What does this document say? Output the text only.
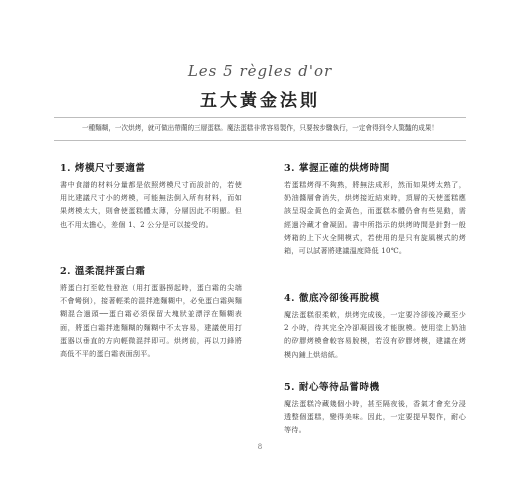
Les 5 règles d'or
五大黃金法則
一種麵糊，一次烘烤，就可做出帶蘭的三層蛋糕。魔法蛋糕非常容易製作，只要按步驟執行，一定會得到令人驚豔的成果！
1. 烤模尺寸要適當
書中食譜的材料分量都是依照烤模尺寸而設計的，若使用比建議尺寸小的烤模，可能無法倒入所有材料，而如果烤模太大，則會使蛋糕體太薄，分層因此不明顯。但也不用太擔心，差個 1、2 公分是可以接受的。
2. 溫柔混拌蛋白霜
將蛋白打至乾性發泡（用打蛋器撈起時，蛋白霜的尖端不會彎倒），接著輕柔的混拌進麵糊中，必免蛋白霜與麵糊混合過頭──蛋白霜必須保留大塊狀並漂浮在麵糊表面，將蛋白霜拌進麵糊的麵糊中不太容易，建議使用打蛋器以垂直的方向輕微混拌即可。烘烤前，再以刀鋒將高低不平的蛋白霜表面刮平。
3. 掌握正確的烘烤時間
若蛋糕烤得不夠熟，將無法成形，然而如果烤太熟了，奶油醬層會消失，烘烤接近結束時，頂層的天使蛋糕應該呈現金黃色的金黃色，而蛋糕本體仍會有些晃動，需經過冷藏才會凝固。書中所指示的烘烤時間是針對一般烤箱的上下火全開模式，若使用的是只有旋風模式的烤箱，可以試著將建議溫度降低 10℃。
4. 徹底冷卻後再脫模
魔法蛋糕很柔軟，烘烤完成後，一定要冷卻後冷藏至少 2 小時，待其完全冷卻凝固後才能脫模。使用塗上奶油的矽膠烤模會較容易脫模，若沒有矽膠烤模，建議在烤模內鋪上烘焙紙。
5. 耐心等待品嘗時機
魔法蛋糕冷藏幾個小時，甚至隔夜後，香氣才會充分浸透整個蛋糕，變得美味。因此，一定要提早製作，耐心等待。
8
